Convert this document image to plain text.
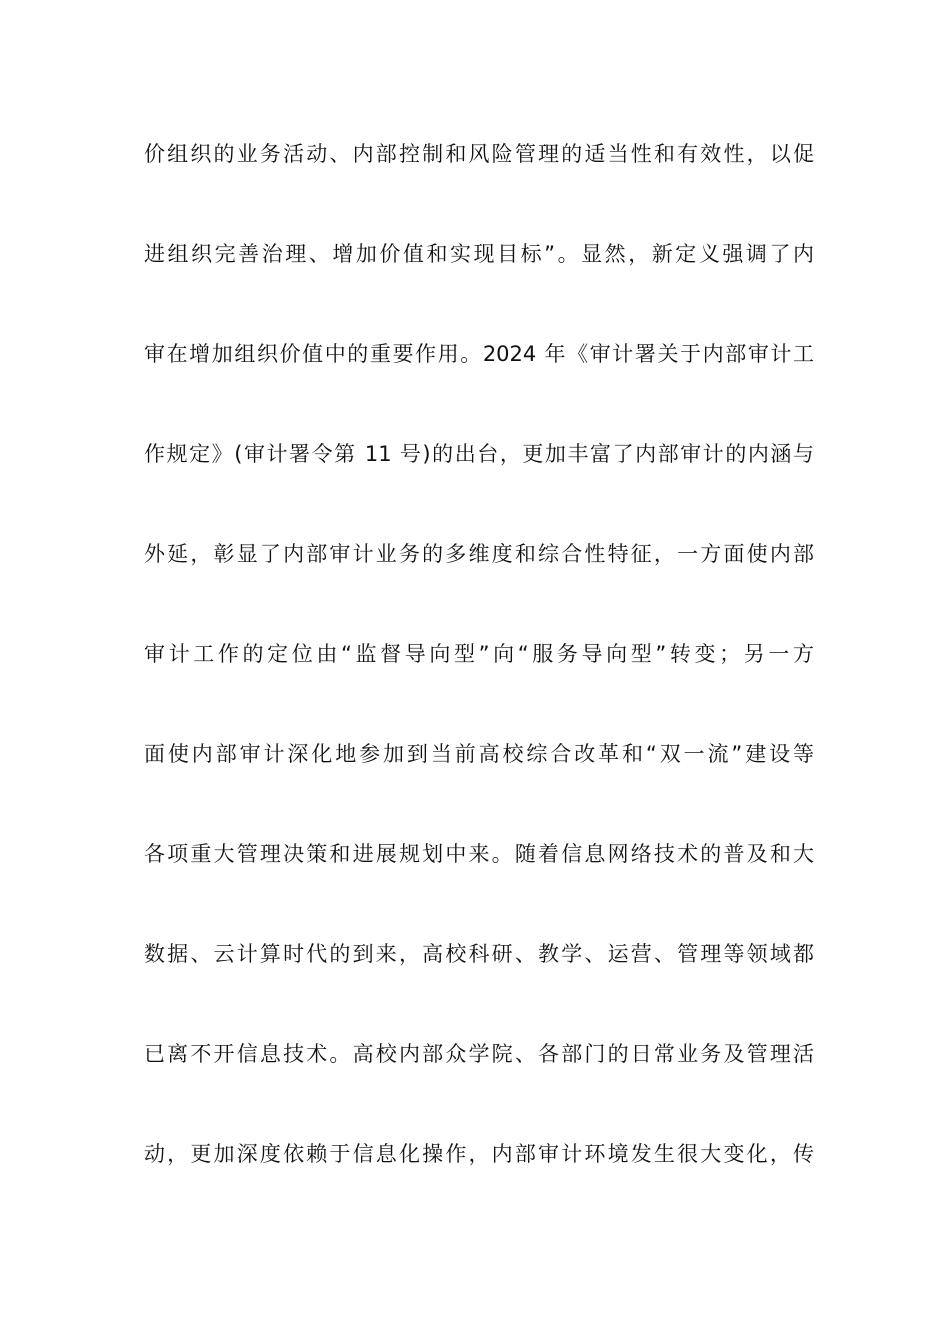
价组织的业务活动、内部控制和风险管理的适当性和有效性，以促
进组织完善治理、增加价值和实现目标”。显然，新定义强调了内
审在增加组织价值中的重要作用。2024 年《审计署关于内部审计工
作规定》(审计署令第 11 号)的出台，更加丰富了内部审计的内涵与
外延，彰显了内部审计业务的多维度和综合性特征，一方面使内部
审计工作的定位由“监督导向型”向“服务导向型”转变；另一方
面使内部审计深化地参加到当前高校综合改革和“双一流”建设等
各项重大管理决策和进展规划中来。随着信息网络技术的普及和大
数据、云计算时代的到来，高校科研、教学、运营、管理等领域都
已离不开信息技术。高校内部众学院、各部门的日常业务及管理活
动，更加深度依赖于信息化操作，内部审计环境发生很大变化，传
